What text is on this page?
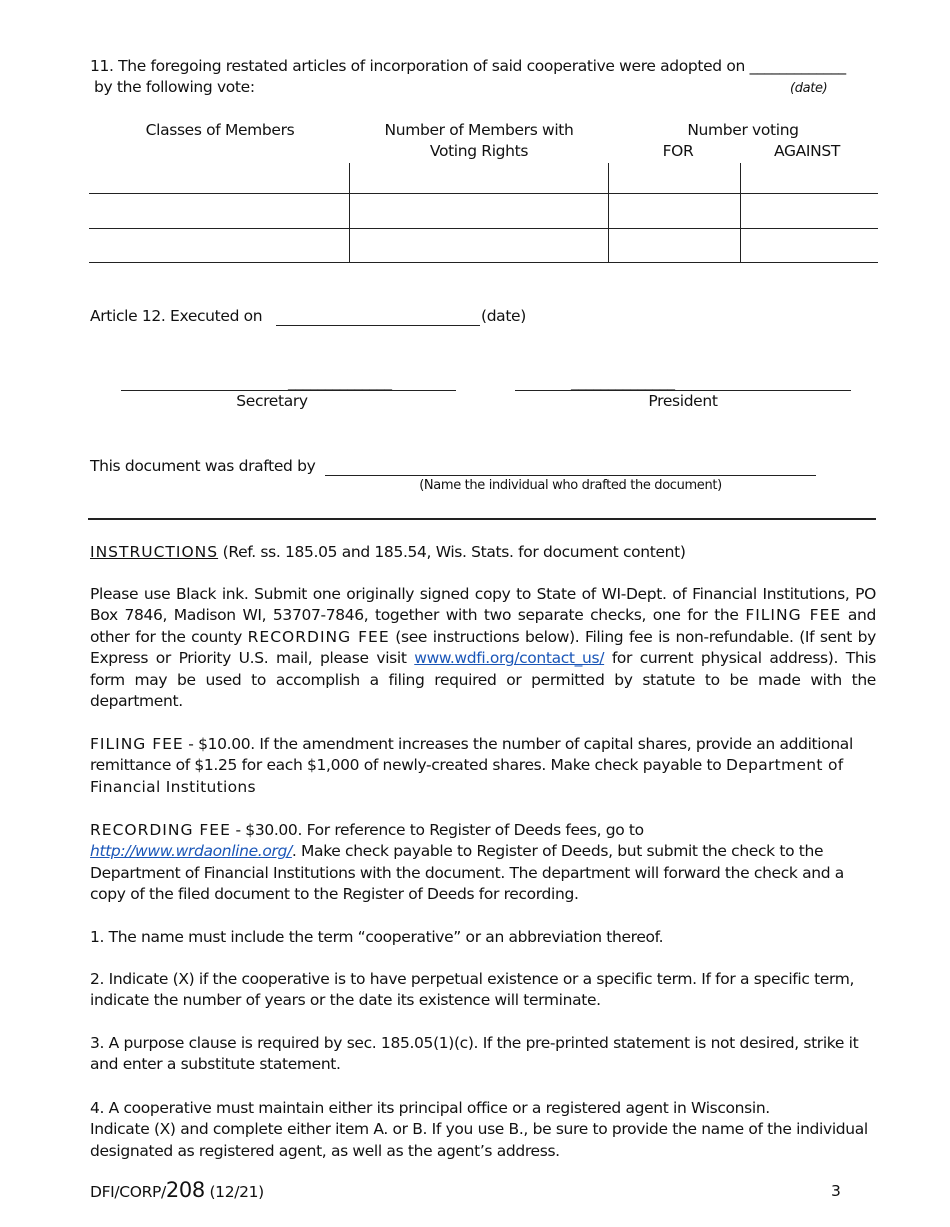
11. The foregoing restated articles of incorporation of said cooperative were adopted on _____________
by the following vote:	(date)
Classes of Members	Number of Members with
Voting Rights
Number voting
FOR	AGAINST
Article 12. Executed on	(date)
______________
Secretary
______________
President
This document was drafted by
(Name the individual who drafted the document)
INSTRUCTIONS (Ref. ss. 185.05 and 185.54, Wis. Stats. for document content)
Please use Black ink. Submit one originally signed copy to State of WI-Dept. of Financial Institutions, PO Box 7846, Madison WI, 53707-7846, together with two separate checks, one for the FILING FEE and other for the county RECORDING FEE (see instructions below). Filing fee is non-refundable. (If sent by Express or Priority U.S. mail, please visit www.wdfi.org/contact_us/ for current physical address). This form may be used to accomplish a filing required or permitted by statute to be made with the department.
FILING FEE - $10.00. If the amendment increases the number of capital shares, provide an additional remittance of $1.25 for each $1,000 of newly-created shares. Make check payable to Department of Financial Institutions
RECORDING FEE - $30.00. For reference to Register of Deeds fees, go to
http://www.wrdaonline.org/. Make check payable to Register of Deeds, but submit the check to the Department of Financial Institutions with the document. The department will forward the check and a copy of the filed document to the Register of Deeds for recording.
1. The name must include the term “cooperative” or an abbreviation thereof.
2. Indicate (X) if the cooperative is to have perpetual existence or a specific term. If for a specific term, indicate the number of years or the date its existence will terminate.
3. A purpose clause is required by sec. 185.05(1)(c). If the pre-printed statement is not desired, strike it and enter a substitute statement.
4. A cooperative must maintain either its principal office or a registered agent in Wisconsin.
Indicate (X) and complete either item A. or B. If you use B., be sure to provide the name of the individual designated as registered agent, as well as the agent’s address.
DFI/CORP/208 (12/21)	3
